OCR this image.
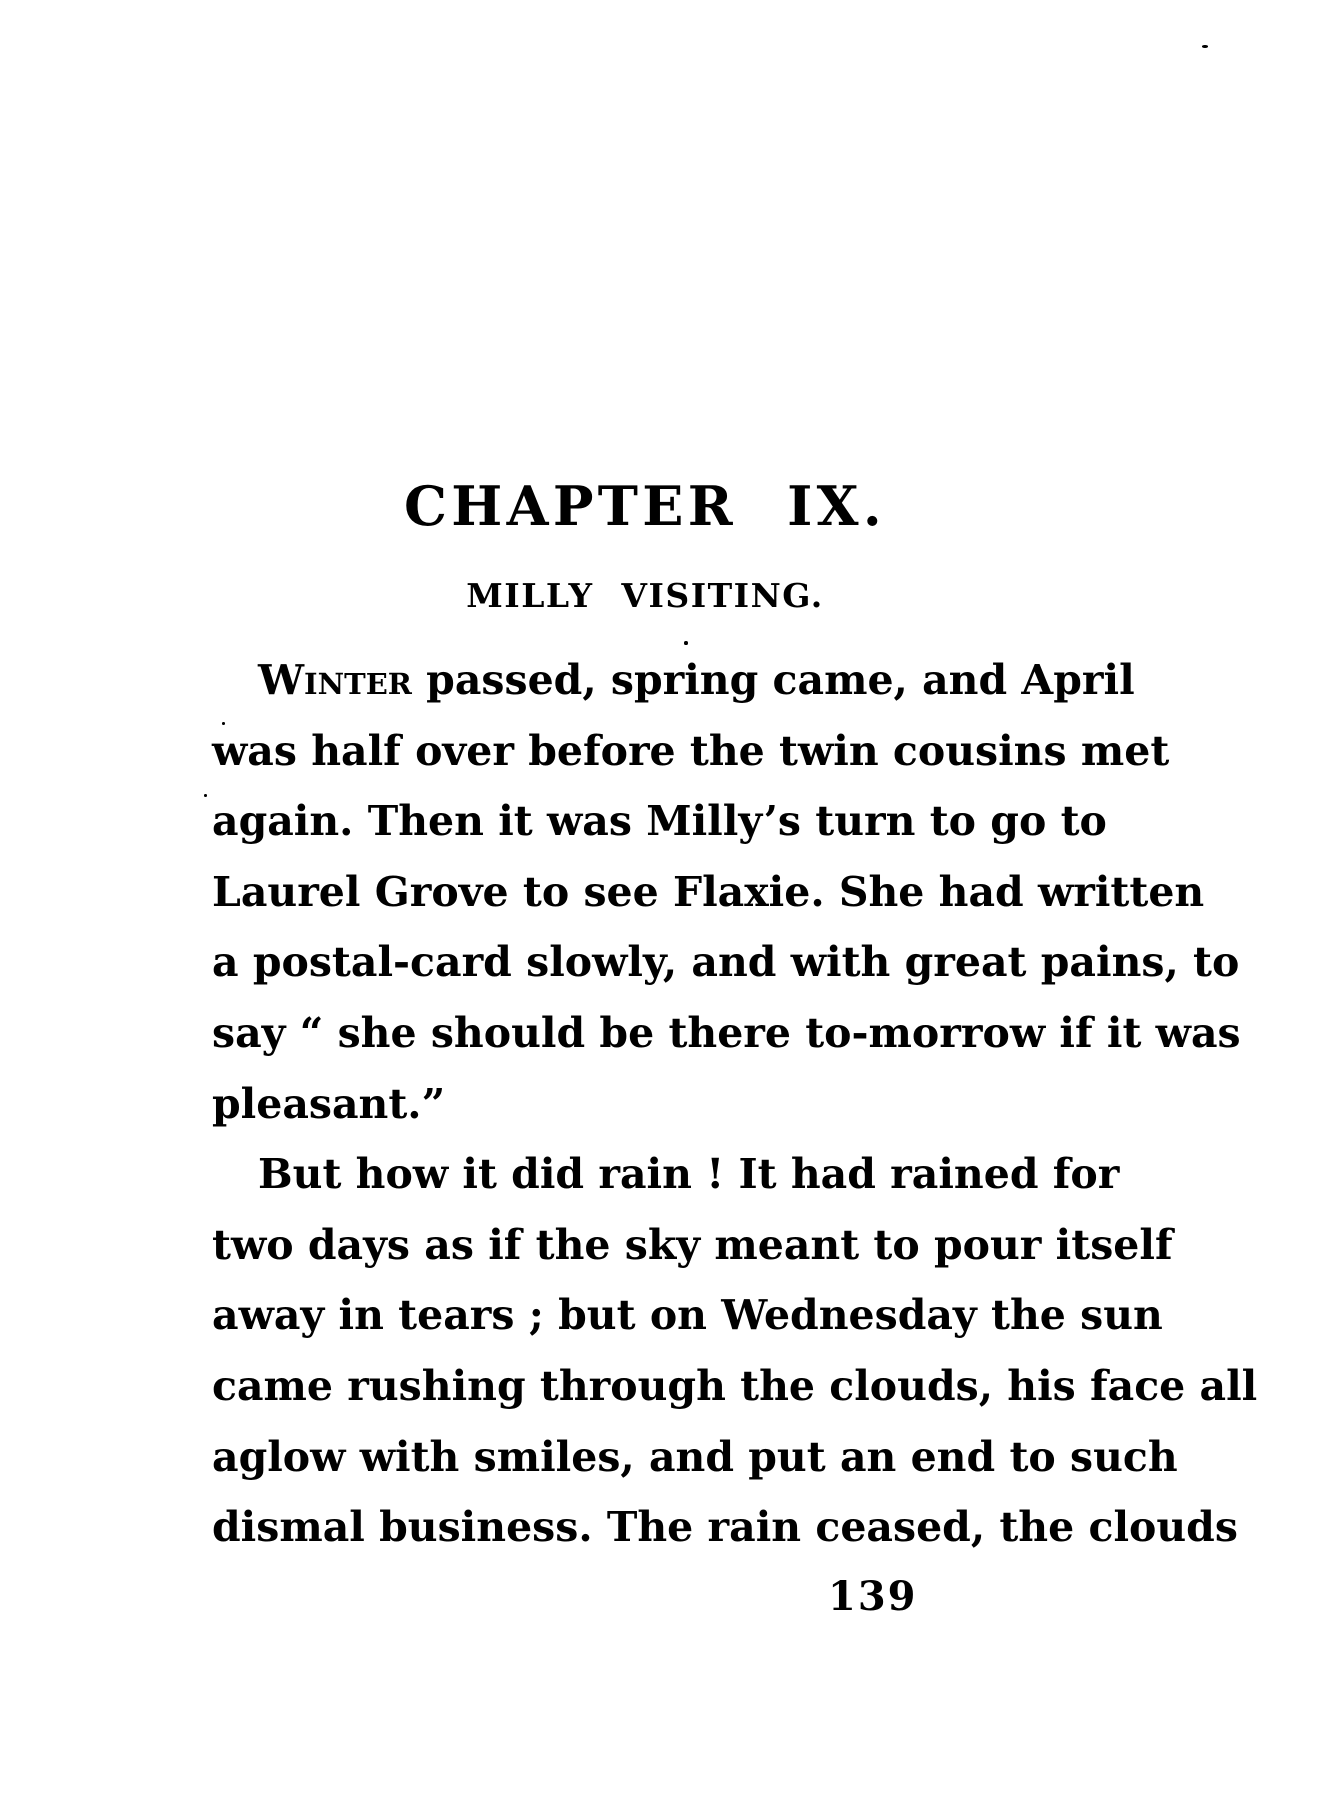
CHAPTER IX.
MILLY VISITING.
Winter passed, spring came, and April
was half over before the twin cousins met
again. Then it was Milly’s turn to go to
Laurel Grove to see Flaxie. She had written
a postal-card slowly, and with great pains, to
say “ she should be there to-morrow if it was
pleasant.”
But how it did rain ! It had rained for
two days as if the sky meant to pour itself
away in tears ; but on Wednesday the sun
came rushing through the clouds, his face all
aglow with smiles, and put an end to such
dismal business. The rain ceased, the clouds
139
